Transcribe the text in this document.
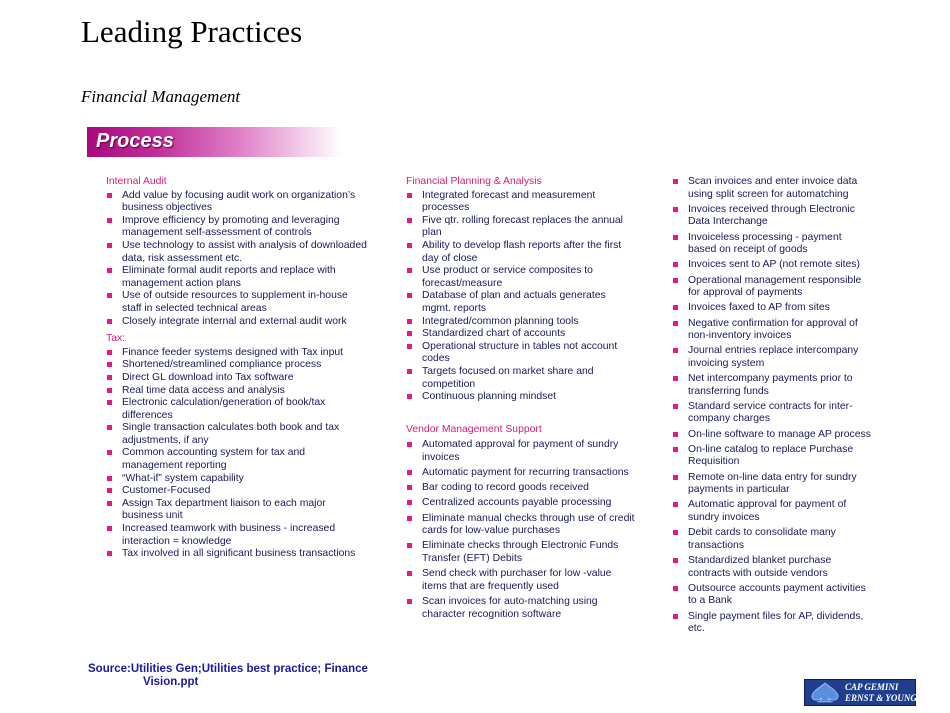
Leading Practices
Financial Management
Process
Internal Audit
Add value by focusing audit work on organization’s business objectives
Improve efficiency by promoting and leveraging management self-assessment of controls
Use technology to assist with analysis of downloaded data, risk assessment etc.
Eliminate formal audit reports and replace with management action plans
Use of outside resources to supplement in-house staff in selected technical areas
Closely integrate internal and external audit work
Tax:
Finance feeder systems designed with Tax input
Shortened/streamlined compliance process
Direct GL download into Tax software
Real time data access and analysis
Electronic calculation/generation of book/tax differences
Single transaction calculates both book and tax adjustments, if any
Common accounting system for tax and management reporting
“What-if” system capability
Customer-Focused
Assign Tax department liaison to each major business unit
Increased teamwork with business - increased interaction = knowledge
Tax involved in all significant business transactions
Financial Planning & Analysis
Integrated forecast and measurement processes
Five qtr. rolling forecast replaces the annual plan
Ability to develop flash reports after the first day of close
Use product or service composites to forecast/measure
Database of plan and actuals generates mgmt. reports
Integrated/common planning tools
Standardized chart of accounts
Operational structure in tables not account codes
Targets focused on market share and competition
Continuous planning mindset
Vendor Management Support
Automated approval for payment of sundry invoices
Automatic payment for recurring transactions
Bar coding to record goods received
Centralized accounts payable processing
Eliminate manual checks through use of credit cards for low-value purchases
Eliminate checks through Electronic Funds Transfer (EFT) Debits
Send check with purchaser for low -value items that are frequently used
Scan invoices for auto-matching using character recognition software
Scan invoices and enter invoice data using split screen for automatching
Invoices received through Electronic Data Interchange
Invoiceless processing - payment based on receipt of goods
Invoices sent to AP (not remote sites)
Operational management responsible for approval of payments
Invoices faxed to AP from sites
Negative confirmation for approval of non-inventory invoices
Journal entries replace intercompany invoicing system
Net intercompany payments prior to transferring funds
Standard service contracts for inter-company charges
On-line software to manage AP process
On-line catalog to replace Purchase Requisition
Remote on-line data entry for sundry payments in particular
Automatic approval for payment of sundry invoices
Debit cards to consolidate many transactions
Standardized blanket purchase contracts with outside vendors
Outsource accounts payment activities to a Bank
Single payment files for AP, dividends, etc.
Source:Utilities Gen;Utilities best practice; Finance
Vision.ppt	CAP GEMINI
ERNST & YOUNG
